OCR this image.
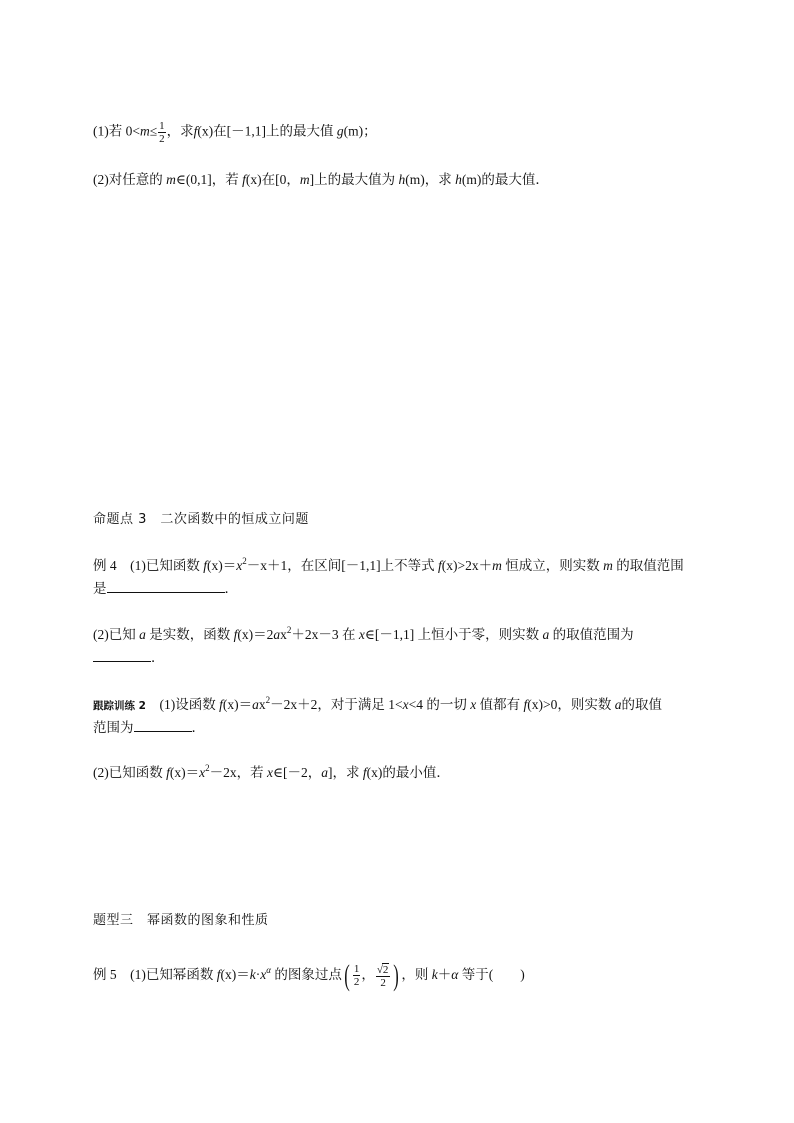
(1)若 $0<m\le \frac{1}{2}$ ，求f(x)在[－1,1]上的最大值 g(m)；
(2)对任意的 m∈(0,1]，若 f(x)在[0，m]上的最大值为 h(m)，求 h(m)的最大值．
命题点 3　二次函数中的恒成立问题
例 4　(1)已知函数 $f(x)=x^2-x+1$，在区间[－1,1]上不等式 f(x)>2x＋m 恒成立，则实数 m 的取值范围
是	．
(2)已知 a 是实数，函数 $f(x)=2ax^2+2x-3$ 在 x∈[－1,1] 上恒小于零，则实数 a 的取值范围为
．
跟踪训练 2　(1)设函数 $f(x)=ax^2-2x+2$，对于满足 1<x<4 的一切 x 值都有 f(x)>0，则实数 a的取值
范围为	．
(2)已知函数 $f(x)=x^2-2x$，若 x∈[－2，a]，求 f(x)的最小值．
题型三　幂函数的图象和性质
例 5　(1)已知幂函数 $f(x)=k\cdot x^\alpha$ 的图象过点( $\frac{1}{2}$ ， $\frac{√2}{2}$ ) ，则 k＋α 等于(　　)
